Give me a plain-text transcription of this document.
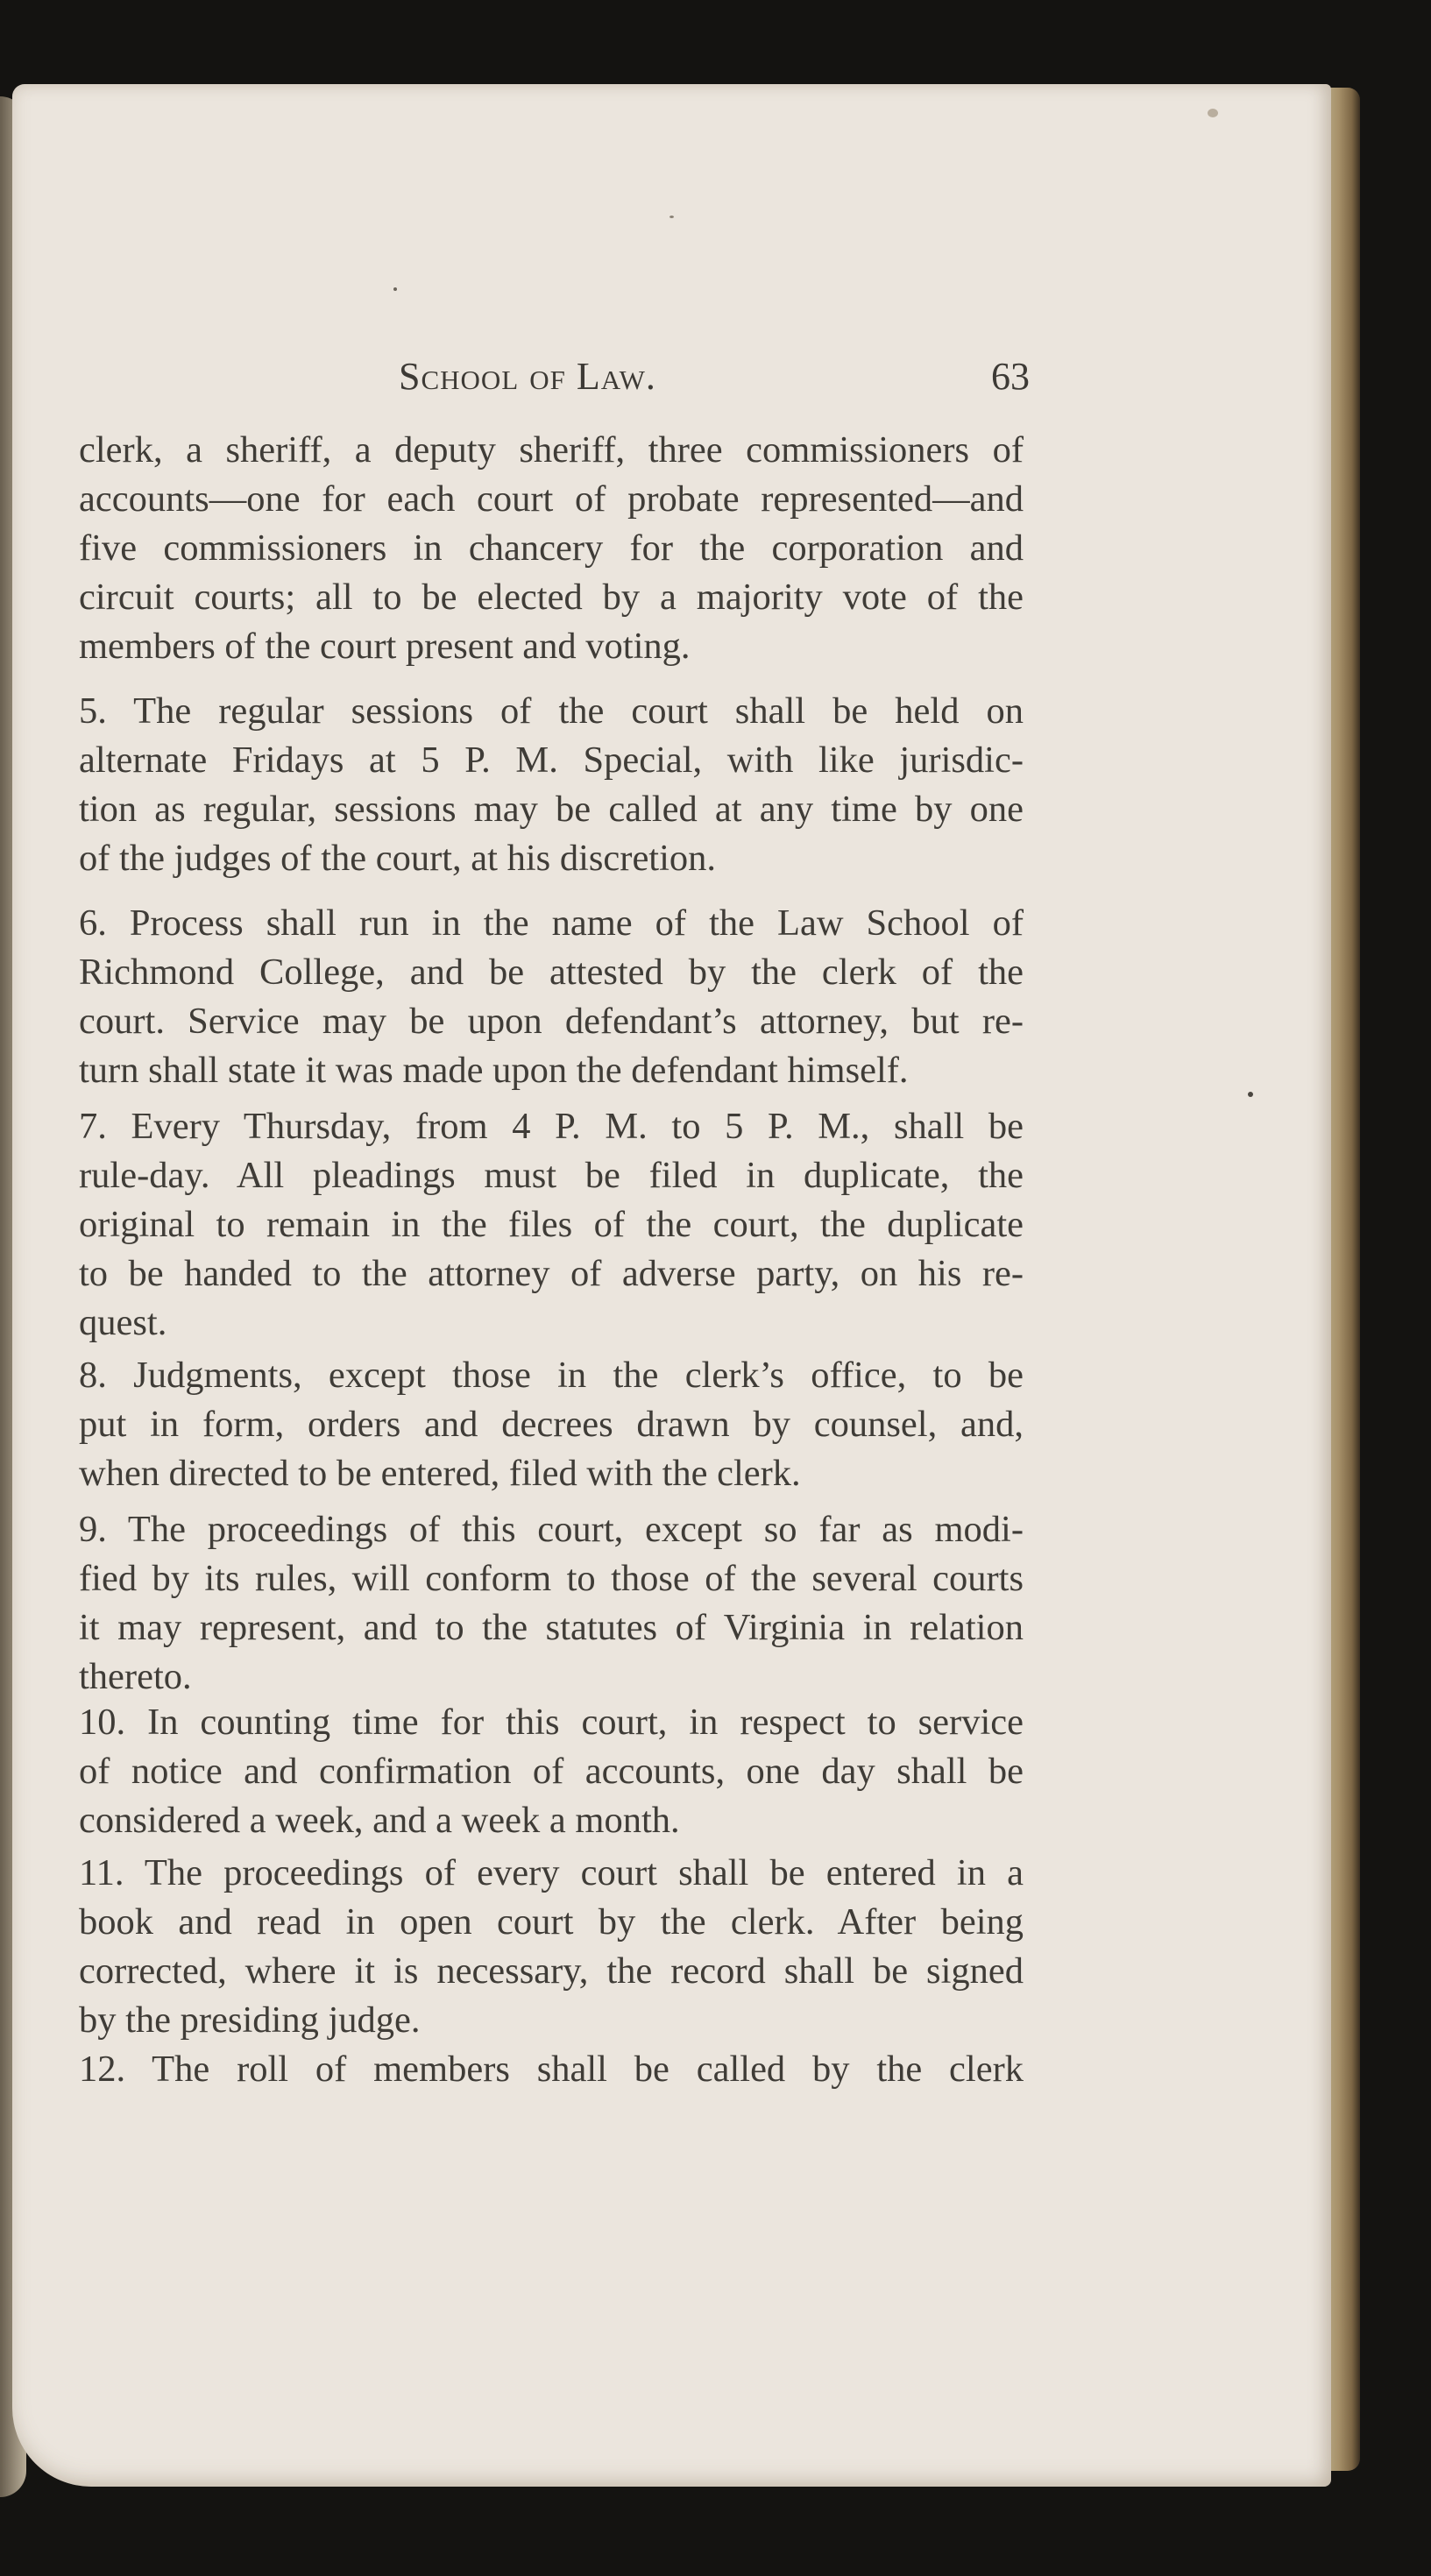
School of Law.	63
clerk, a sheriff, a deputy sheriff, three commissioners of
accounts—one for each court of probate represented—and
five commissioners in chancery for the corporation and
circuit courts; all to be elected by a majority vote of the
members of the court present and voting.
5. The regular sessions of the court shall be held on
alternate Fridays at 5 P. M. Special, with like jurisdic-
tion as regular, sessions may be called at any time by one
of the judges of the court, at his discretion.
6. Process shall run in the name of the Law School of
Richmond College, and be attested by the clerk of the
court. Service may be upon defendant’s attorney, but re-
turn shall state it was made upon the defendant himself.
7. Every Thursday, from 4 P. M. to 5 P. M., shall be
rule-day. All pleadings must be filed in duplicate, the
original to remain in the files of the court, the duplicate
to be handed to the attorney of adverse party, on his re-
quest.
8. Judgments, except those in the clerk’s office, to be
put in form, orders and decrees drawn by counsel, and,
when directed to be entered, filed with the clerk.
9. The proceedings of this court, except so far as modi-
fied by its rules, will conform to those of the several courts
it may represent, and to the statutes of Virginia in relation
thereto.
10. In counting time for this court, in respect to service
of notice and confirmation of accounts, one day shall be
considered a week, and a week a month.
11. The proceedings of every court shall be entered in a
book and read in open court by the clerk. After being
corrected, where it is necessary, the record shall be signed
by the presiding judge.
12. The roll of members shall be called by the clerk
